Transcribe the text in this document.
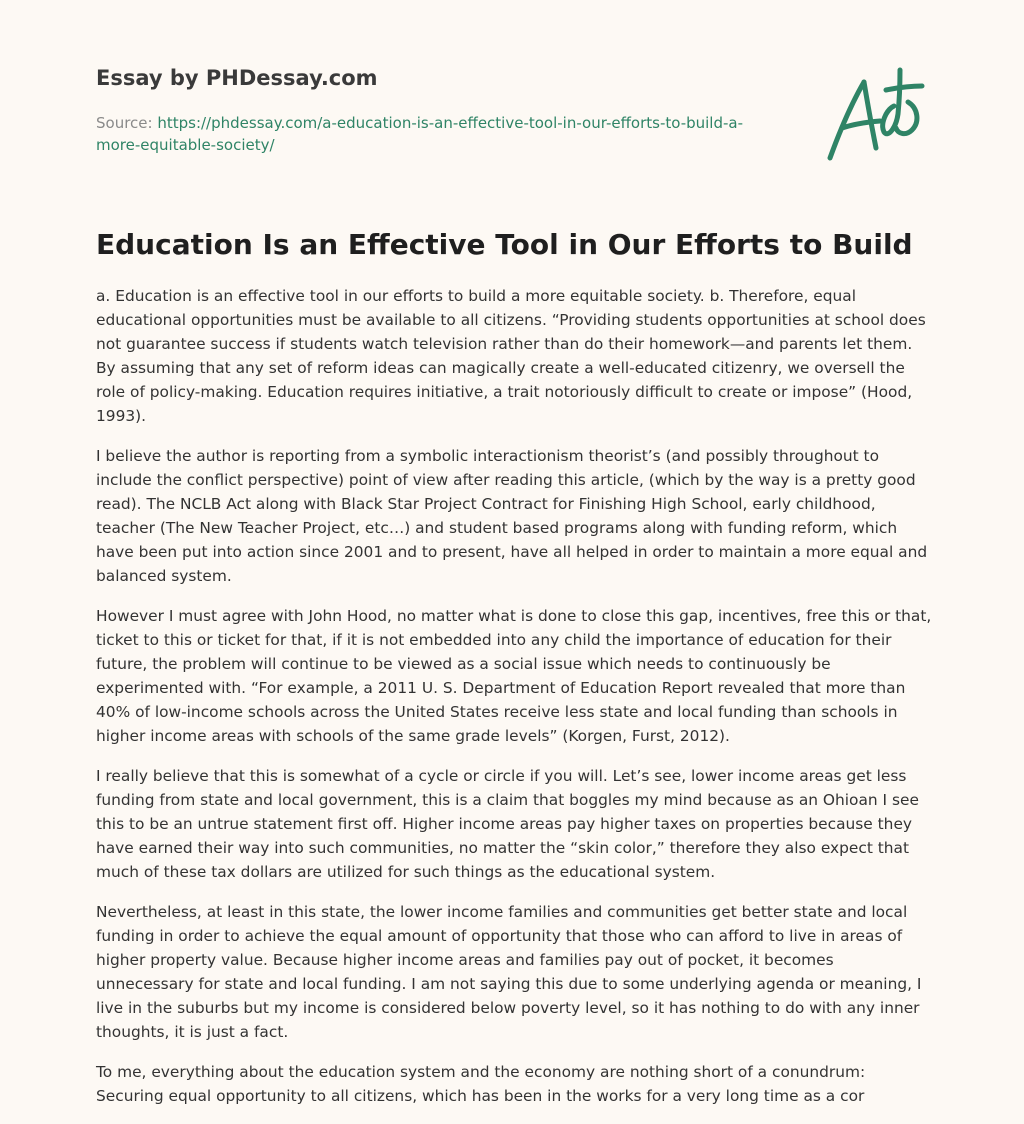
Essay by PHDessay.com
Source: https://phdessay.com/a-education-is-an-effective-tool-in-our-efforts-to-build-a-more-equitable-society/
Education Is an Effective Tool in Our Efforts to Build

a. Education is an effective tool in our efforts to build a more equitable society. b. Therefore, equal educational opportunities must be available to all citizens. “Providing students opportunities at school does not guarantee success if students watch television rather than do their homework—and parents let them. By assuming that any set of reform ideas can magically create a well-educated citizenry, we oversell the role of policy-making. Education requires initiative, a trait notoriously difficult to create or impose” (Hood, 1993).

I believe the author is reporting from a symbolic interactionism theorist’s (and possibly throughout to include the conflict perspective) point of view after reading this article, (which by the way is a pretty good read). The NCLB Act along with Black Star Project Contract for Finishing High School, early childhood, teacher (The New Teacher Project, etc…) and student based programs along with funding reform, which have been put into action since 2001 and to present, have all helped in order to maintain a more equal and balanced system.

However I must agree with John Hood, no matter what is done to close this gap, incentives, free this or that, ticket to this or ticket for that, if it is not embedded into any child the importance of education for their future, the problem will continue to be viewed as a social issue which needs to continuously be experimented with. “For example, a 2011 U. S. Department of Education Report revealed that more than 40% of low-income schools across the United States receive less state and local funding than schools in higher income areas with schools of the same grade levels” (Korgen, Furst, 2012).

I really believe that this is somewhat of a cycle or circle if you will. Let’s see, lower income areas get less funding from state and local government, this is a claim that boggles my mind because as an Ohioan I see this to be an untrue statement first off. Higher income areas pay higher taxes on properties because they have earned their way into such communities, no matter the “skin color,” therefore they also expect that much of these tax dollars are utilized for such things as the educational system.

Nevertheless, at least in this state, the lower income families and communities get better state and local funding in order to achieve the equal amount of opportunity that those who can afford to live in areas of higher property value. Because higher income areas and families pay out of pocket, it becomes unnecessary for state and local funding. I am not saying this due to some underlying agenda or meaning, I live in the suburbs but my income is considered below poverty level, so it has nothing to do with any inner thoughts, it is just a fact.

To me, everything about the education system and the economy are nothing short of a conundrum: Securing equal opportunity to all citizens, which has been in the works for a very long time as a cor
